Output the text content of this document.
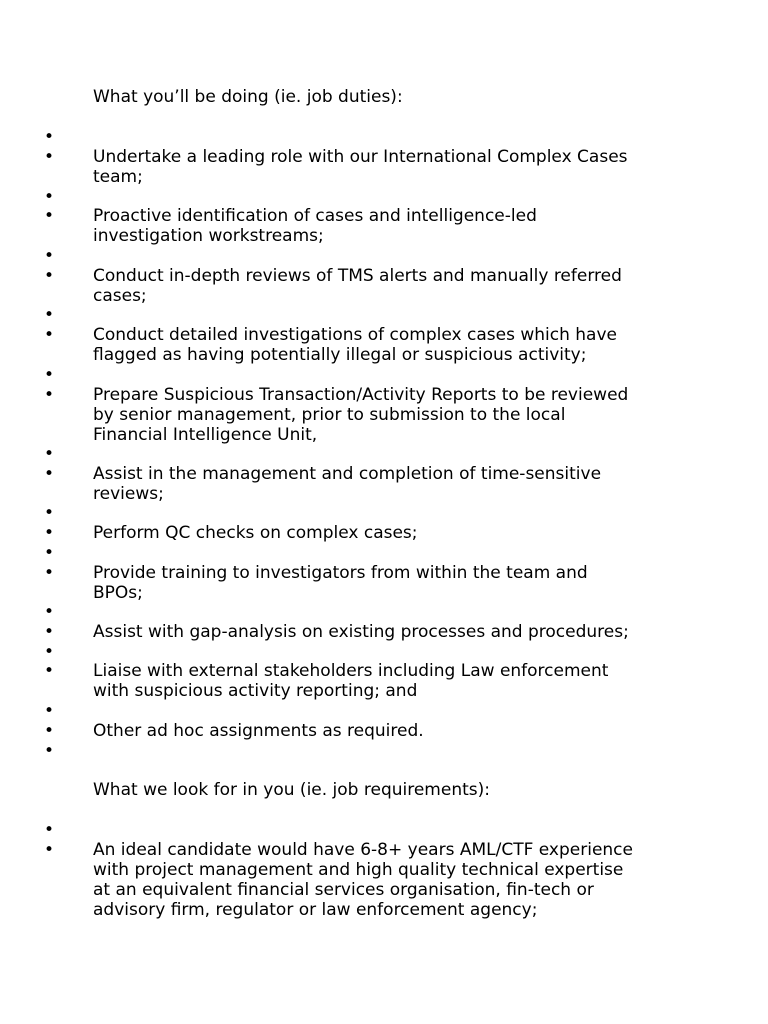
What you’ll be doing (ie. job duties):

•
• Undertake a leading role with our International Complex Cases
team;
•
• Proactive identification of cases and intelligence-led
investigation workstreams;
•
• Conduct in-depth reviews of TMS alerts and manually referred
cases;
•
• Conduct detailed investigations of complex cases which have
flagged as having potentially illegal or suspicious activity;
•
• Prepare Suspicious Transaction/Activity Reports to be reviewed
by senior management, prior to submission to the local
Financial Intelligence Unit,
•
• Assist in the management and completion of time-sensitive
reviews;
•
• Perform QC checks on complex cases;
•
• Provide training to investigators from within the team and
BPOs;
•
• Assist with gap-analysis on existing processes and procedures;
•
• Liaise with external stakeholders including Law enforcement
with suspicious activity reporting; and
•
• Other ad hoc assignments as required.
•

What we look for in you (ie. job requirements):

•
• An ideal candidate would have 6-8+ years AML/CTF experience
with project management and high quality technical expertise
at an equivalent financial services organisation, fin-tech or
advisory firm, regulator or law enforcement agency;
